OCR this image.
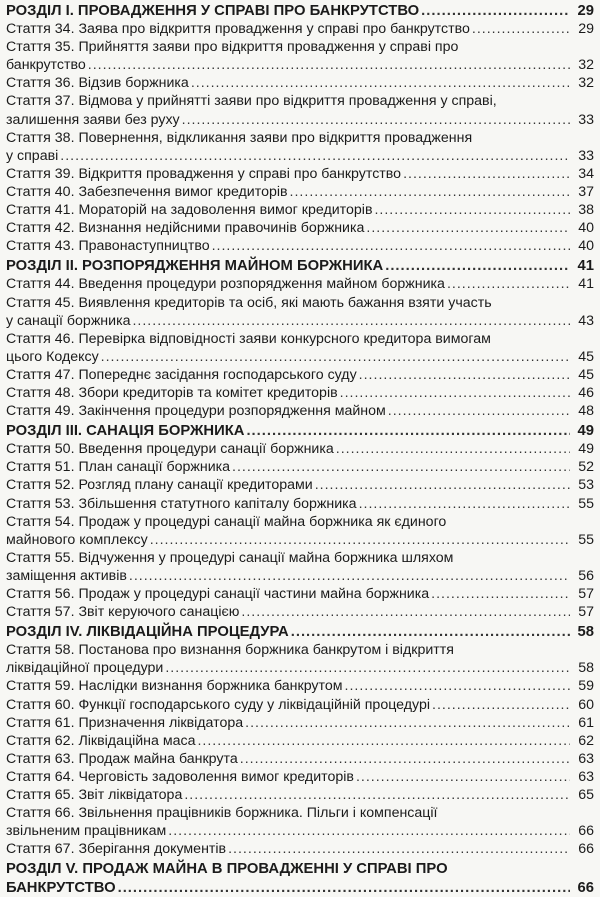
РОЗДІЛ І. ПРОВАДЖЕННЯ У СПРАВІ ПРО БАНКРУТСТВО .....	29
Стаття 34. Заява про відкриття провадження у справі про банкрутство .....	29
Стаття 35. Прийняття заяви про відкриття провадження у справі про
банкрутство .....	32
Стаття 36. Відзив боржника .....	32
Стаття 37. Відмова у прийнятті заяви про відкриття провадження у справі,
залишення заяви без руху .....	33
Стаття 38. Повернення, відкликання заяви про відкриття провадження
у справі .....	33
Стаття 39. Відкриття провадження у справі про банкрутство .....	34
Стаття 40. Забезпечення вимог кредиторів .....	37
Стаття 41. Мораторій на задоволення вимог кредиторів .....	38
Стаття 42. Визнання недійсними правочинів боржника .....	40
Стаття 43. Правонаступництво .....	40
РОЗДІЛ ІІ. РОЗПОРЯДЖЕННЯ МАЙНОМ БОРЖНИКА .....	41
Стаття 44. Введення процедури розпорядження майном боржника .....	41
Стаття 45. Виявлення кредиторів та осіб, які мають бажання взяти участь
у санації боржника .....	43
Стаття 46. Перевірка відповідності заяви конкурсного кредитора вимогам
цього Кодексу .....	45
Стаття 47. Попереднє засідання господарського суду .....	45
Стаття 48. Збори кредиторів та комітет кредиторів .....	46
Стаття 49. Закінчення процедури розпорядження майном .....	48
РОЗДІЛ ІІІ. САНАЦІЯ БОРЖНИКА .....	49
Стаття 50. Введення процедури санації боржника .....	49
Стаття 51. План санації боржника .....	52
Стаття 52. Розгляд плану санації кредиторами .....	53
Стаття 53. Збільшення статутного капіталу боржника .....	55
Стаття 54. Продаж у процедурі санації майна боржника як єдиного
майнового комплексу .....	55
Стаття 55. Відчуження у процедурі санації майна боржника шляхом
заміщення активів .....	56
Стаття 56. Продаж у процедурі санації частини майна боржника .....	57
Стаття 57. Звіт керуючого санацією .....	57
РОЗДІЛ IV. ЛІКВІДАЦІЙНА ПРОЦЕДУРА .....	58
Стаття 58. Постанова про визнання боржника банкрутом і відкриття
ліквідаційної процедури .....	58
Стаття 59. Наслідки визнання боржника банкрутом .....	59
Стаття 60. Функції господарського суду у ліквідаційній процедурі .....	60
Стаття 61. Призначення ліквідатора .....	61
Стаття 62. Ліквідаційна маса .....	62
Стаття 63. Продаж майна банкрута .....	63
Стаття 64. Черговість задоволення вимог кредиторів .....	63
Стаття 65. Звіт ліквідатора .....	65
Стаття 66. Звільнення працівників боржника. Пільги і компенсації
звільненим працівникам .....	66
Стаття 67. Зберігання документів .....	66
РОЗДІЛ V. ПРОДАЖ МАЙНА В ПРОВАДЖЕННІ У СПРАВІ ПРО
БАНКРУТСТВО .....	66
